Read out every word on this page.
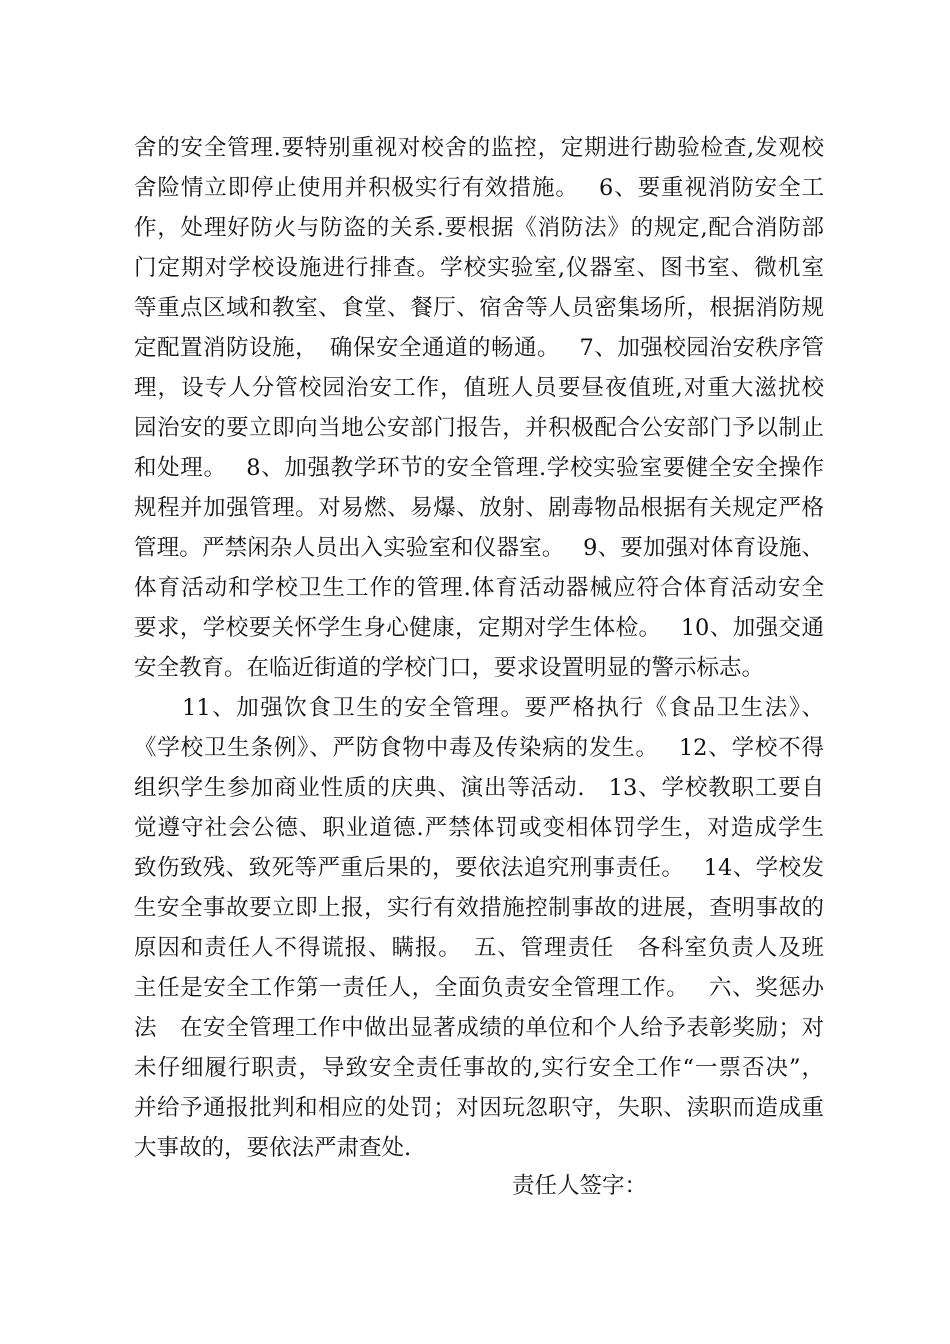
舍的安全管理.要特别重视对校舍的监控，定期进行勘验检查,发观校
舍险情立即停止使用并积极实行有效措施。　 6、要重视消防安全工
作，处理好防火与防盗的关系.要根据《消防法》的规定,配合消防部
门定期对学校设施进行排查。学校实验室,仪器室、图书室、微机室
等重点区域和教室、食堂、餐厅、宿舍等人员密集场所，根据消防规
定配置消防设施，　确保安全通道的畅通。　 7、加强校园治安秩序管
理，设专人分管校园治安工作，值班人员要昼夜值班,对重大滋扰校
园治安的要立即向当地公安部门报告，并积极配合公安部门予以制止
和处理。　 8、加强教学环节的安全管理.学校实验室要健全安全操作
规程并加强管理。对易燃、易爆、放射、剧毒物品根据有关规定严格
管理。严禁闲杂人员出入实验室和仪器室。　 9、要加强对体育设施、
体育活动和学校卫生工作的管理.体育活动器械应符合体育活动安全
要求，学校要关怀学生身心健康，定期对学生体检。　 10、加强交通
安全教育。在临近街道的学校门口，要求设置明显的警示标志。
　　11、加强饮食卫生的安全管理。要严格执行《食品卫生法》、
《学校卫生条例》、严防食物中毒及传染病的发生。　 12、学校不得
组织学生参加商业性质的庆典、演出等活动.　13、学校教职工要自
觉遵守社会公德、职业道德.严禁体罚或变相体罚学生，对造成学生
致伤致残、致死等严重后果的，要依法追究刑事责任。　 14、学校发
生安全事故要立即上报，实行有效措施控制事故的进展，查明事故的
原因和责任人不得谎报、瞒报。　五、管理责任　各科室负责人及班
主任是安全工作第一责任人，全面负责安全管理工作。　 六、奖惩办
法　在安全管理工作中做出显著成绩的单位和个人给予表彰奖励；对
未仔细履行职责，导致安全责任事故的,实行安全工作“一票否决”，
并给予通报批判和相应的处罚；对因玩忽职守，失职、渎职而造成重
大事故的，要依法严肃查处.
责任人签字：
